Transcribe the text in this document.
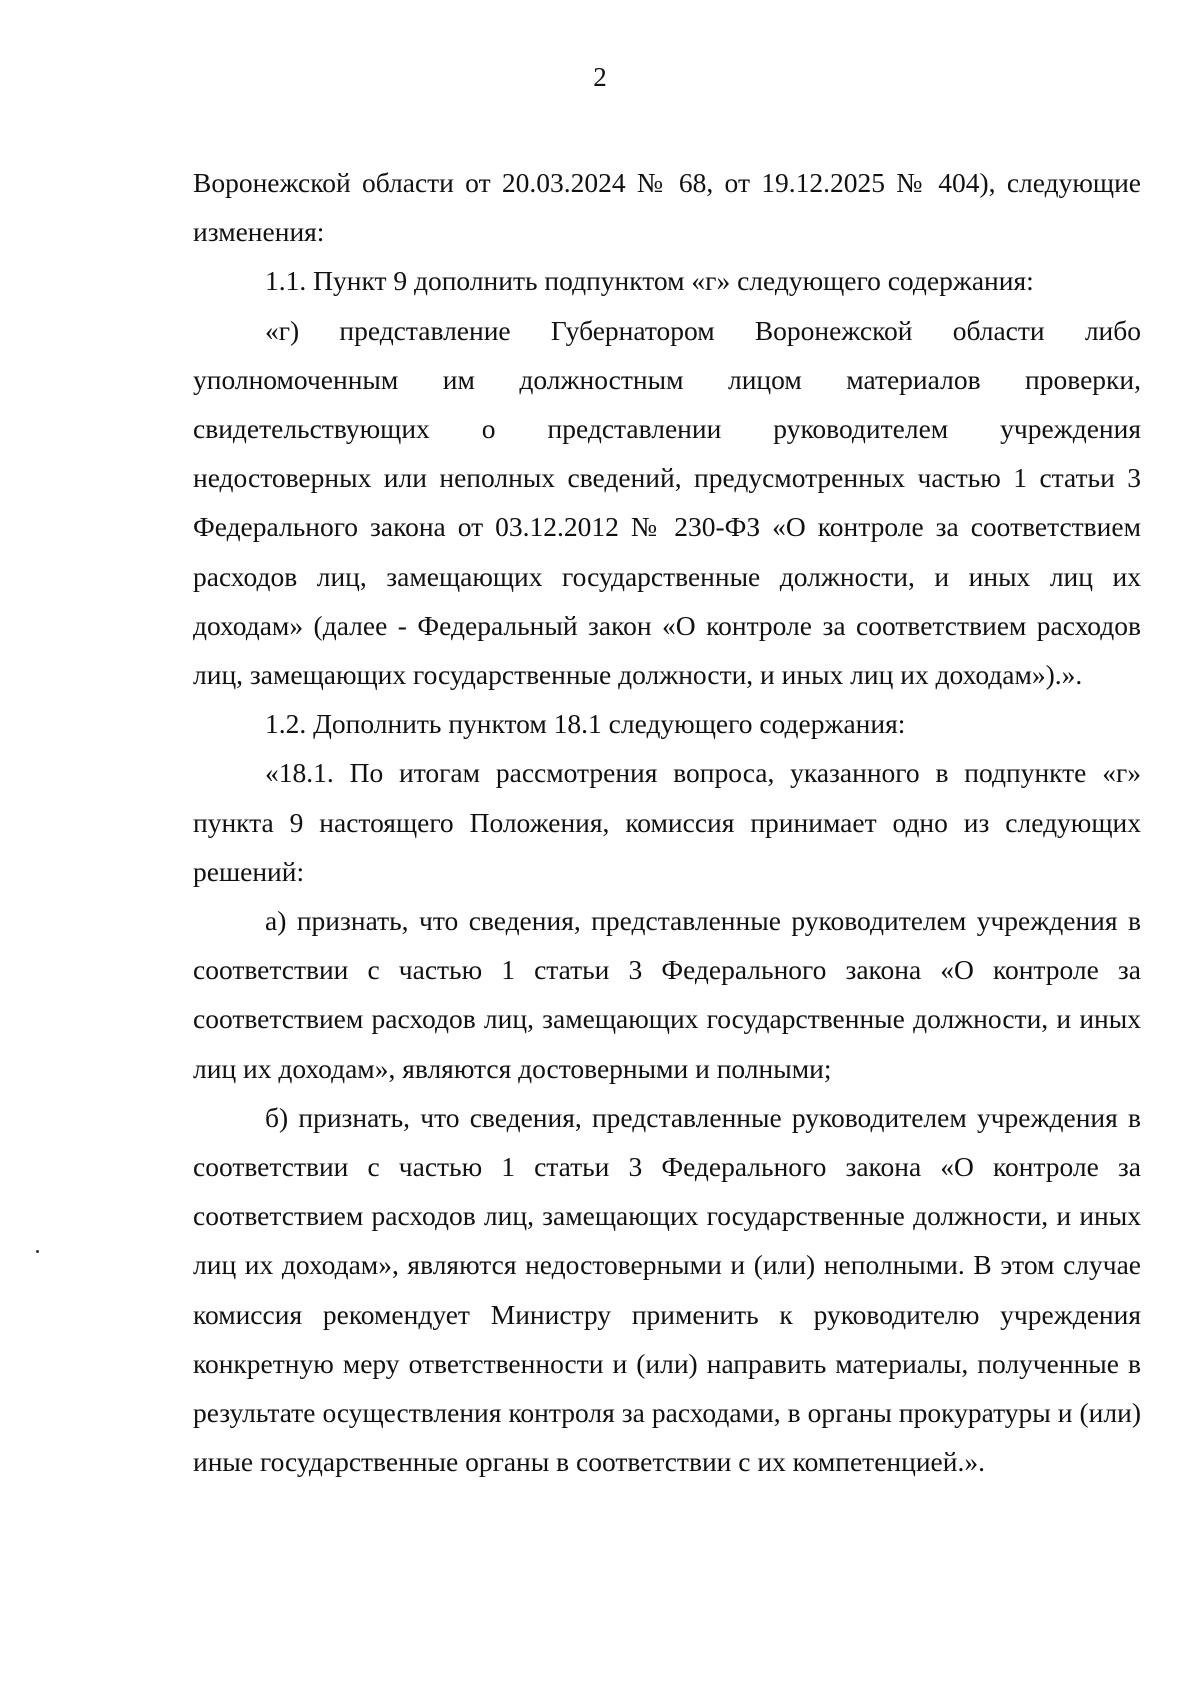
2

Воронежской области от 20.03.2024 № 68, от 19.12.2025 № 404), следующие изменения:

1.1. Пункт 9 дополнить подпунктом «г» следующего содержания:

«г) представление Губернатором Воронежской области либо уполномоченным им должностным лицом материалов проверки, свидетельствующих о представлении руководителем учреждения недостоверных или неполных сведений, предусмотренных частью 1 статьи 3 Федерального закона от 03.12.2012 № 230-ФЗ «О контроле за соответствием расходов лиц, замещающих государственные должности, и иных лиц их доходам» (далее - Федеральный закон «О контроле за соответствием расходов лиц, замещающих государственные должности, и иных лиц их доходам»).».

1.2. Дополнить пунктом 18.1 следующего содержания:

«18.1. По итогам рассмотрения вопроса, указанного в подпункте «г» пункта 9 настоящего Положения, комиссия принимает одно из следующих решений:

а) признать, что сведения, представленные руководителем учреждения в соответствии с частью 1 статьи 3 Федерального закона «О контроле за соответствием расходов лиц, замещающих государственные должности, и иных лиц их доходам», являются достоверными и полными;

б) признать, что сведения, представленные руководителем учреждения в соответствии с частью 1 статьи 3 Федерального закона «О контроле за соответствием расходов лиц, замещающих государственные должности, и иных лиц их доходам», являются недостоверными и (или) неполными. В этом случае комиссия рекомендует Министру применить к руководителю учреждения конкретную меру ответственности и (или) направить материалы, полученные в результате осуществления контроля за расходами, в органы прокуратуры и (или) иные государственные органы в соответствии с их компетенцией.».
